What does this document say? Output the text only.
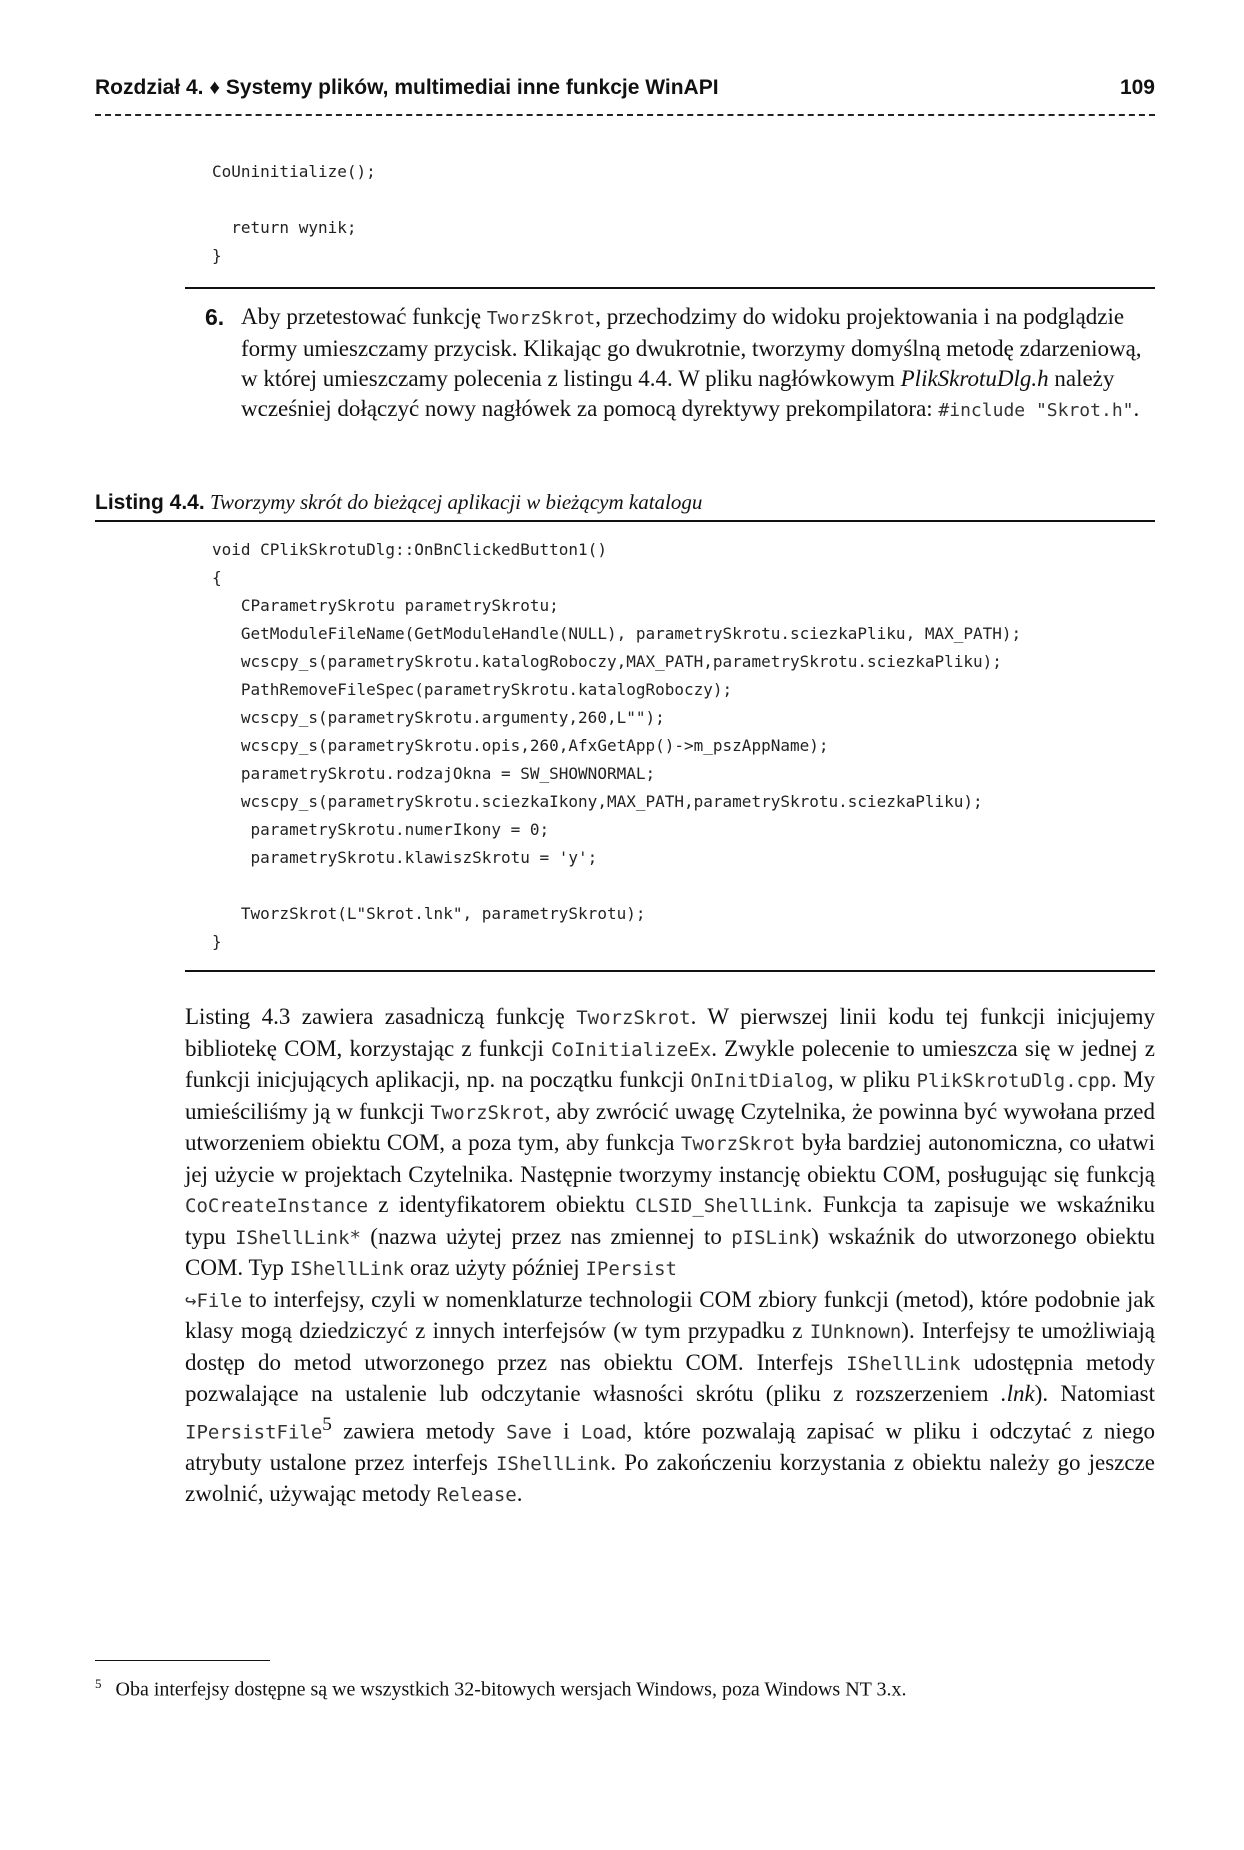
Rozdział 4. ♦ Systemy plików, multimediai inne funkcje WinAPI	109
CoUninitialize();

return wynik;
}
6. Aby przetestować funkcję TworzSkrot, przechodzimy do widoku projektowania i na podglądzie formy umieszczamy przycisk. Klikając go dwukrotnie, tworzymy domyślną metodę zdarzeniową, w której umieszczamy polecenia z listingu 4.4. W pliku nagłówkowym PlikSkrotuDlg.h należy wcześniej dołączyć nowy nagłówek za pomocą dyrektywy prekompilatora: #include "Skrot.h".
Listing 4.4. Tworzymy skrót do bieżącej aplikacji w bieżącym katalogu
void CPlikSkrotuDlg::OnBnClickedButton1()
{
CParametrySkrotu parametrySkrotu;
GetModuleFileName(GetModuleHandle(NULL), parametrySkrotu.sciezkaPliku, MAX_PATH);
wcscpy_s(parametrySkrotu.katalogRoboczy,MAX_PATH,parametrySkrotu.sciezkaPliku);
PathRemoveFileSpec(parametrySkrotu.katalogRoboczy);
wcscpy_s(parametrySkrotu.argumenty,260,L"");
wcscpy_s(parametrySkrotu.opis,260,AfxGetApp()->m_pszAppName);
parametrySkrotu.rodzajOkna = SW_SHOWNORMAL;
wcscpy_s(parametrySkrotu.sciezkaIkony,MAX_PATH,parametrySkrotu.sciezkaPliku);
parametrySkrotu.numerIkony = 0;
parametrySkrotu.klawiszSkrotu = 'y';

TworzSkrot(L"Skrot.lnk", parametrySkrotu);
}

Listing 4.3 zawiera zasadniczą funkcję TworzSkrot. W pierwszej linii kodu tej funkcji inicjujemy bibliotekę COM, korzystając z funkcji CoInitializeEx. Zwykle polecenie to umieszcza się w jednej z funkcji inicjujących aplikacji, np. na początku funkcji OnInitDialog, w pliku PlikSkrotuDlg.cpp. My umieściliśmy ją w funkcji TworzSkrot, aby zwrócić uwagę Czytelnika, że powinna być wywołana przed utworzeniem obiektu COM, a poza tym, aby funkcja TworzSkrot była bardziej autonomiczna, co ułatwi jej użycie w projektach Czytelnika. Następnie tworzymy instancję obiektu COM, posługując się funkcją CoCreateInstance z identyfikatorem obiektu CLSID_ShellLink. Funkcja ta zapisuje we wskaźniku typu IShellLink* (nazwa użytej przez nas zmiennej to pISLink) wskaźnik do utworzonego obiektu COM. Typ IShellLink oraz użyty później IPersist
↪File to interfejsy, czyli w nomenklaturze technologii COM zbiory funkcji (metod), które podobnie jak klasy mogą dziedziczyć z innych interfejsów (w tym przypadku z IUnknown). Interfejsy te umożliwiają dostęp do metod utworzonego przez nas obiektu COM. Interfejs IShellLink udostępnia metody pozwalające na ustalenie lub odczytanie własności skrótu (pliku z rozszerzeniem .lnk). Natomiast IPersistFile$^5$ zawiera metody Save i Load, które pozwalają zapisać w pliku i odczytać z niego atrybuty ustalone przez interfejs IShellLink. Po zakończeniu korzystania z obiektu należy go jeszcze zwolnić, używając metody Release.

$^5$ Oba interfejsy dostępne są we wszystkich 32-bitowych wersjach Windows, poza Windows NT 3.x.
